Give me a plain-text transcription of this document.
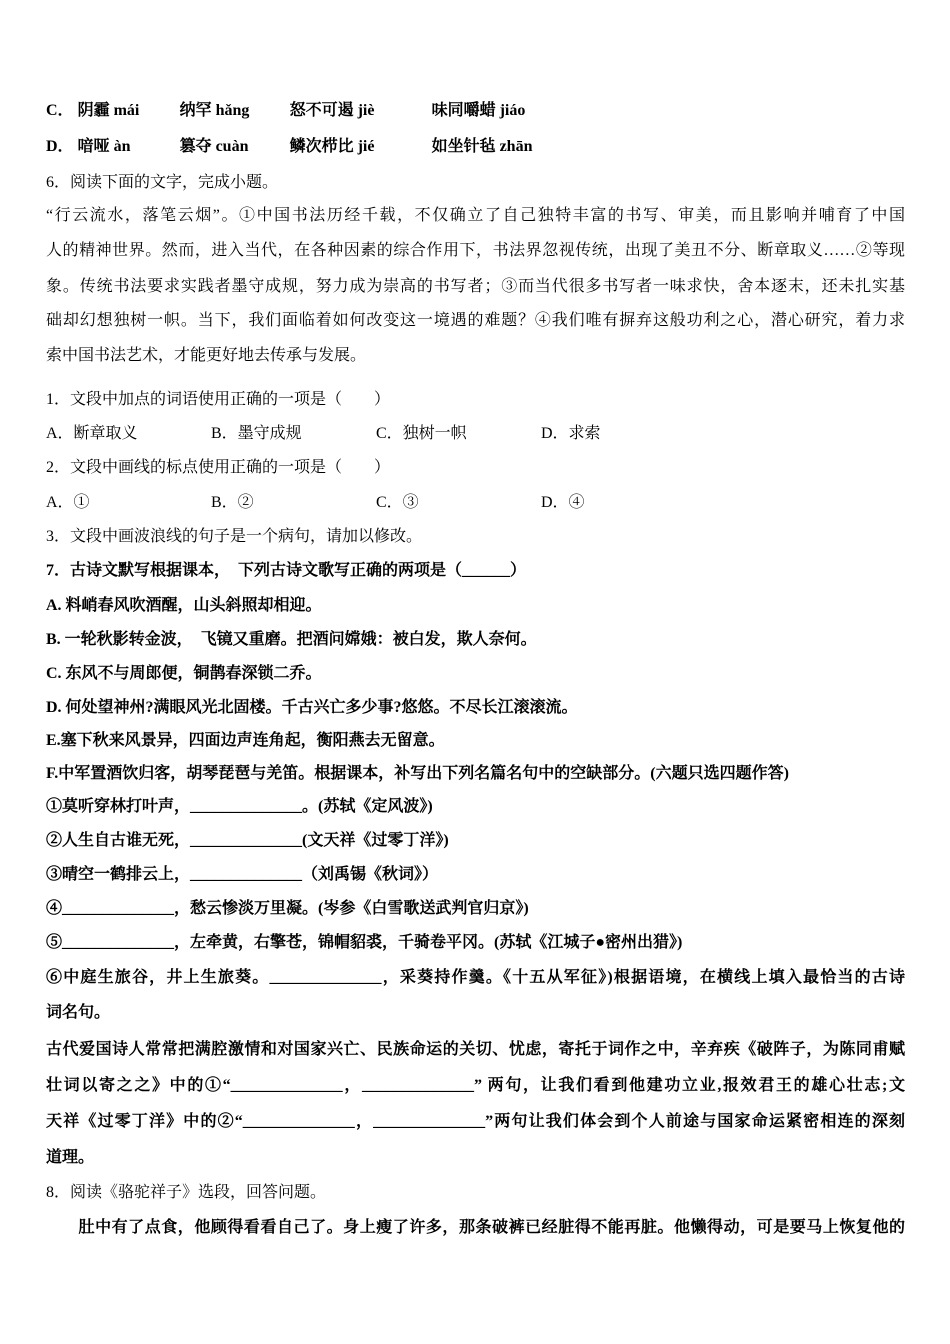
C． 阴霾 mái	纳罕 hǎng	怒不可遏 jiè	味同嚼蜡 jiáo
D． 喑哑 àn	篡夺 cuàn	鳞次栉比 jié	如坐针毡 zhān
6．阅读下面的文字，完成小题。
“行云流水，落笔云烟”。①中国书法历经千载，不仅确立了自己独特丰富的书写、审美，而且影响并哺育了中国
人的精神世界。然而，进入当代，在各种因素的综合作用下，书法界忽视传统，出现了美丑不分、断章取义……②等现
象。传统书法要求实践者墨守成规，努力成为崇高的书写者；③而当代很多书写者一味求快，舍本逐末，还未扎实基
础却幻想独树一帜。当下，我们面临着如何改变这一境遇的难题？④我们唯有摒弃这般功利之心，潜心研究，着力求
索中国书法艺术，才能更好地去传承与发展。
1．文段中加点的词语使用正确的一项是（　　）
A．断章取义	B．墨守成规	C．独树一帜	D．求索
2．文段中画线的标点使用正确的一项是（　　）
A．①	B．②	C．③	D．④
3．文段中画波浪线的句子是一个病句，请加以修改。
7．古诗文默写根据课本，　下列古诗文歌写正确的两项是（______）
A. 料峭春风吹酒醒，山头斜照却相迎。
B. 一轮秋影转金波，　飞镜又重磨。把酒问嫦娥：被白发，欺人奈何。
C. 东风不与周郎便，铜鹊春深锁二乔。
D. 何处望神州?满眼风光北固楼。千古兴亡多少事?悠悠。不尽长江滚滚流。
E.塞下秋来风景异，四面边声连角起，衡阳燕去无留意。
F.中军置酒饮归客，胡琴琵琶与羌笛。根据课本，补写出下列名篇名句中的空缺部分。(六题只选四题作答)
①莫听穿林打叶声，______________。(苏轼《定风波》)
②人生自古谁无死，______________(文天祥《过零丁洋》)
③晴空一鹤排云上，______________（刘禹锡《秋词》）
④______________，愁云惨淡万里凝。(岑参《白雪歌送武判官归京》)
⑤______________，左牵黄，右擎苍，锦帽貂裘，千骑卷平冈。(苏轼《江城子●密州出猎》)
⑥中庭生旅谷，井上生旅葵。______________，采葵持作羹。《十五从军征》)根据语境，在横线上填入最恰当的古诗
词名句。
古代爱国诗人常常把满腔激情和对国家兴亡、民族命运的关切、忧虑，寄托于词作之中，辛弃疾《破阵子，为陈同甫赋
壮词以寄之之》中的①“______________，______________” 两句，让我们看到他建功立业,报效君王的雄心壮志;文
天祥《过零丁洋》中的②“______________，______________”两句让我们体会到个人前途与国家命运紧密相连的深刻
道理。
8．阅读《骆驼祥子》选段，回答问题。
　肚中有了点食，他顾得看看自己了。身上瘦了许多，那条破裤已经脏得不能再脏。他懒得动，可是要马上恢复他的
